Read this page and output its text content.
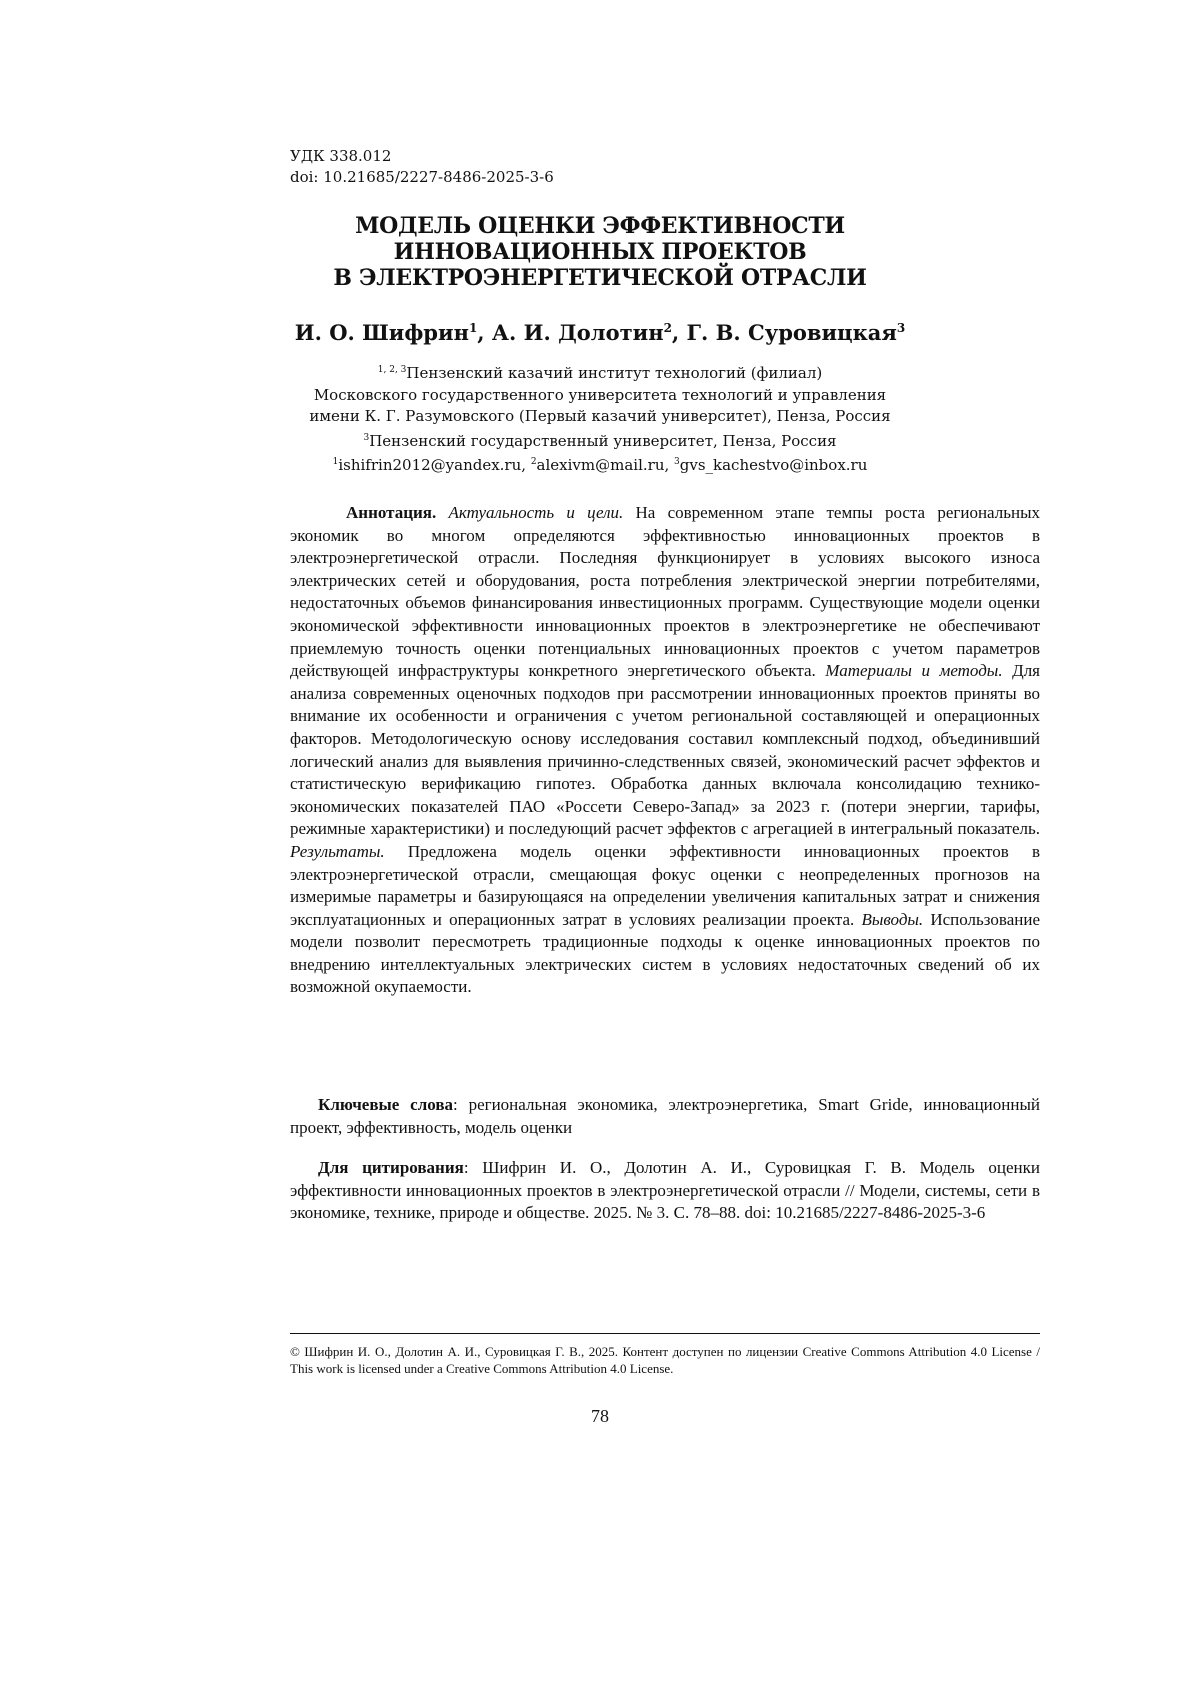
УДК 338.012
doi: 10.21685/2227-8486-2025-3-6
МОДЕЛЬ ОЦЕНКИ ЭФФЕКТИВНОСТИ
ИННОВАЦИОННЫХ ПРОЕКТОВ
В ЭЛЕКТРОЭНЕРГЕТИЧЕСКОЙ ОТРАСЛИ
И. О. Шифрин$^1$, А. И. Долотин$^2$, Г. В. Суровицкая$^3$
$^{1, 2, 3}$Пензенский казачий институт технологий (филиал)
Московского государственного университета технологий и управления
имени К. Г. Разумовского (Первый казачий университет), Пенза, Россия
$^3$Пензенский государственный университет, Пенза, Россия
$^1$ishifrin2012@yandex.ru, $^2$alexivm@mail.ru, $^3$gvs_kachestvo@inbox.ru
Аннотация. Актуальность и цели. На современном этапе темпы роста региональных экономик во многом определяются эффективностью инновационных проектов в электроэнергетической отрасли. Последняя функционирует в условиях высокого износа электрических сетей и оборудования, роста потребления электрической энергии потребителями, недостаточных объемов финансирования инвестиционных программ. Существующие модели оценки экономической эффективности инновационных проектов в электроэнергетике не обеспечивают приемлемую точность оценки потенциальных инновационных проектов с учетом параметров действующей инфраструктуры конкретного энергетического объекта. Материалы и методы. Для анализа современных оценочных подходов при рассмотрении инновационных проектов приняты во внимание их особенности и ограничения с учетом региональной составляющей и операционных факторов. Методологическую основу исследования составил комплексный подход, объединивший логический анализ для выявления причинно-следственных связей, экономический расчет эффектов и статистическую верификацию гипотез. Обработка данных включала консолидацию технико-экономических показателей ПАО «Россети Северо-Запад» за 2023 г. (потери энергии, тарифы, режимные характеристики) и последующий расчет эффектов с агрегацией в интегральный показатель. Результаты. Предложена модель оценки эффективности инновационных проектов в электроэнергетической отрасли, смещающая фокус оценки с неопределенных прогнозов на измеримые параметры и базирующаяся на определении увеличения капитальных затрат и снижения эксплуатационных и операционных затрат в условиях реализации проекта. Выводы. Использование модели позволит пересмотреть традиционные подходы к оценке инновационных проектов по внедрению интеллектуальных электрических систем в условиях недостаточных сведений об их возможной окупаемости.
Ключевые слова: региональная экономика, электроэнергетика, Smart Gride, инновационный проект, эффективность, модель оценки
Для цитирования: Шифрин И. О., Долотин А. И., Суровицкая Г. В. Модель оценки эффективности инновационных проектов в электроэнергетической отрасли // Модели, системы, сети в экономике, технике, природе и обществе. 2025. № 3. С. 78–88. doi: 10.21685/2227-8486-2025-3-6
© Шифрин И. О., Долотин А. И., Суровицкая Г. В., 2025. Контент доступен по лицензии Creative Commons Attribution 4.0 License / This work is licensed under a Creative Commons Attribution 4.0 License.
78
